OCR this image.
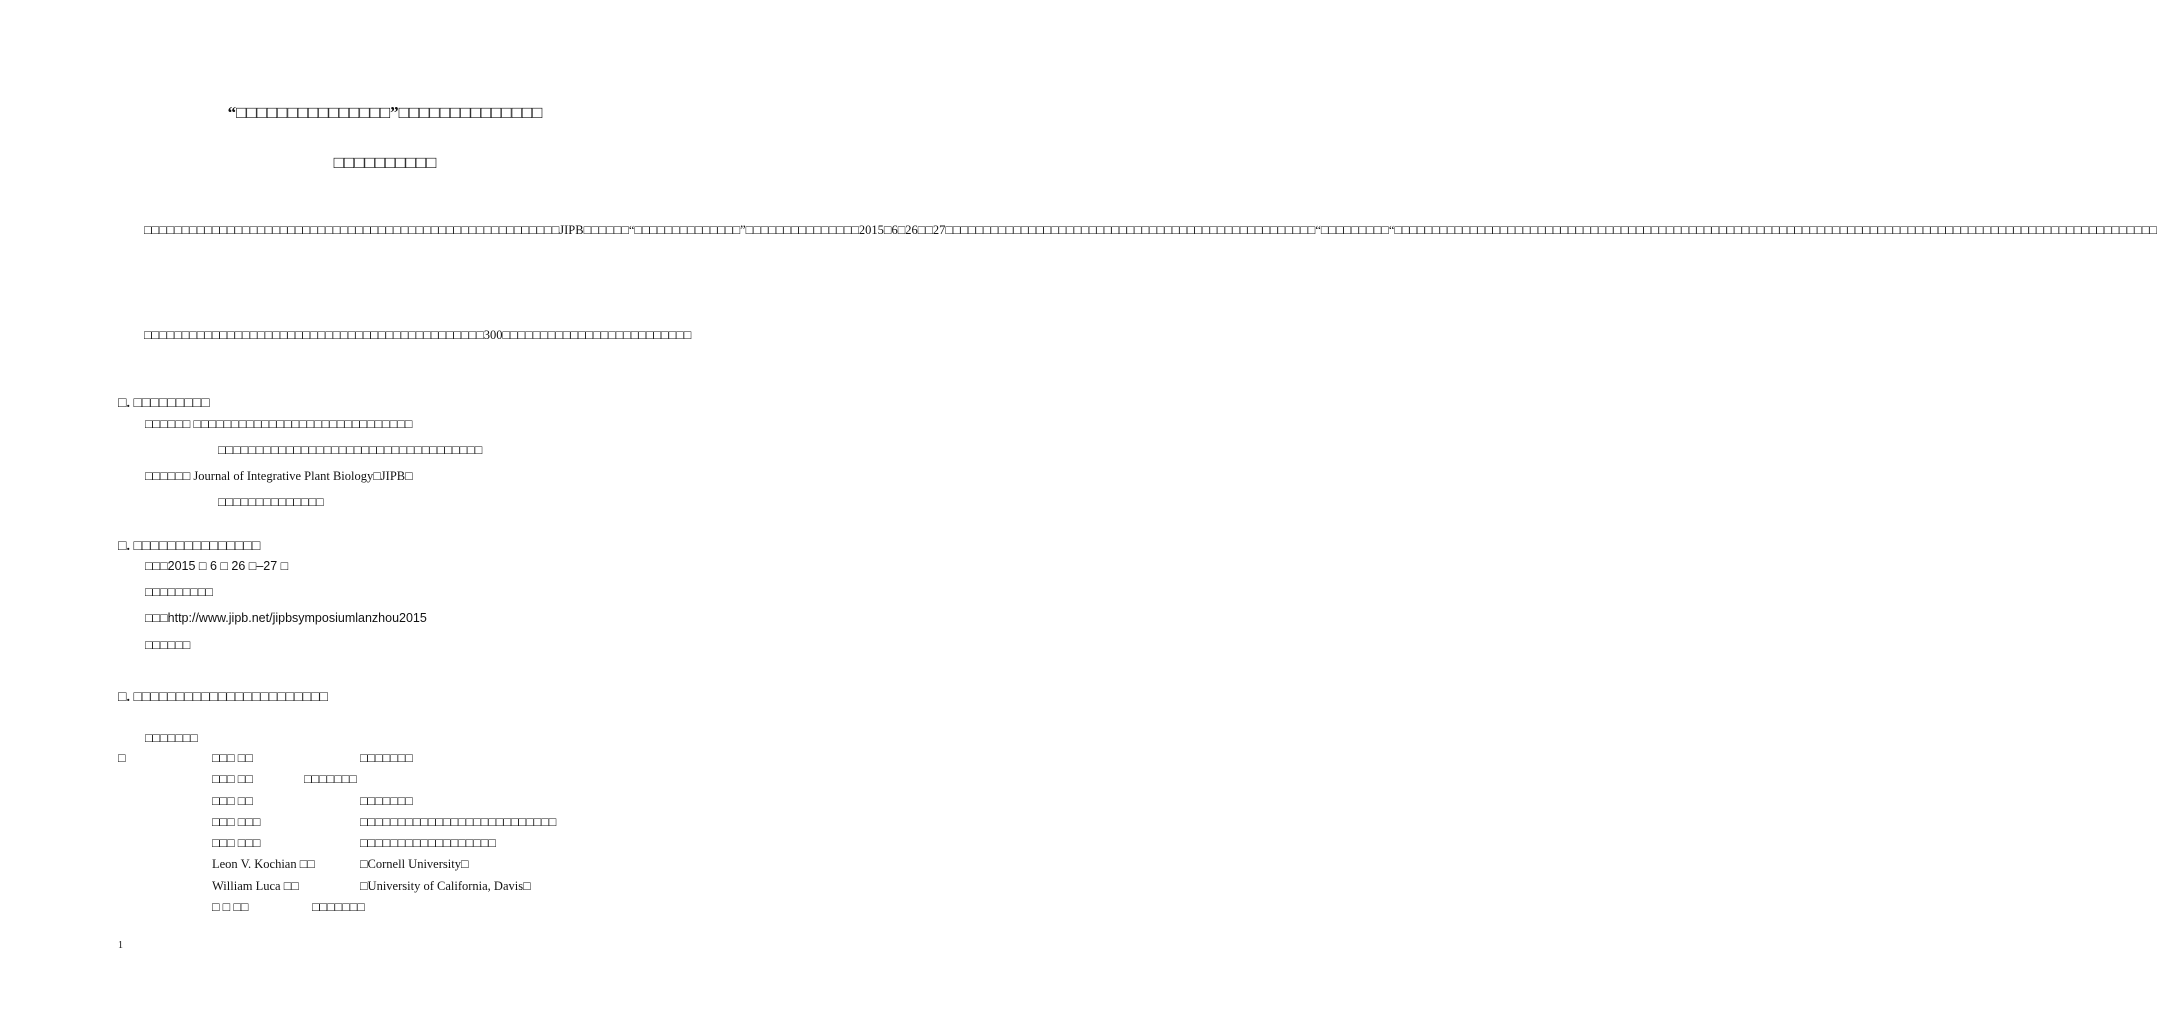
“□□□□□□□□□□□□□□□”□□□□□□□□□□□□□□
□□□□□□□□□□
□□□□□□□□□□□□□□□□□□□□□□□□□□□□□□□□□□□□□□□□□□□□□□□□□□□□□□□JIPB□□□□□□“□□□□□□□□□□□□□□”□□□□□□□□□□□□□□□2015□6□26□□27□□□□□□□□□□□□□□□□□□□□□□□□□□□□□□□□□□□□□□□□□□□□□□□□□“□□□□□□□□□“□□□□□□□□□□□□□□□□□□□□□□□□□□□□□□□□□□□□□□□□□□□□□□□□□□□□□□□□□□□□□□□□□□□□□□□□□□□□□□□□□□□□□□□□□□□□□□□□□□□□□
□□□□□□□□□□□□□□□□□□□□□□□□□□□□□□□□□□□□□□□□□□□□□300□□□□□□□□□□□□□□□□□□□□□□□□□
□. □□□□□□□□□
□□□□□□ □□□□□□□□□□□□□□□□□□□□□□□□□□□□□
□□□□□□□□□□□□□□□□□□□□□□□□□□□□□□□□□□□
□□□□□□ Journal of Integrative Plant Biology□JIPB□
□□□□□□□□□□□□□□
□. □□□□□□□□□□□□□□□
□□□2015 □ 6 □ 26 □–27 □
□□□□□□□□□
□□□http://www.jipb.net/jipbsymposiumlanzhou2015
□□□□□□
□. □□□□□□□□□□□□□□□□□□□□□□□
□□□□□□□
□	□□□ □□	□□□□□□□
□□□ □□	□□□□□□□
□□□ □□	□□□□□□□
□□□ □□□	□□□□□□□□□□□□□□□□□□□□□□□□□□
□□□ □□□	□□□□□□□□□□□□□□□□□□
Leon V. Kochian □□	□Cornell University□
William Luca □□	□University of California, Davis□
□ □ □□	□□□□□□□
1
